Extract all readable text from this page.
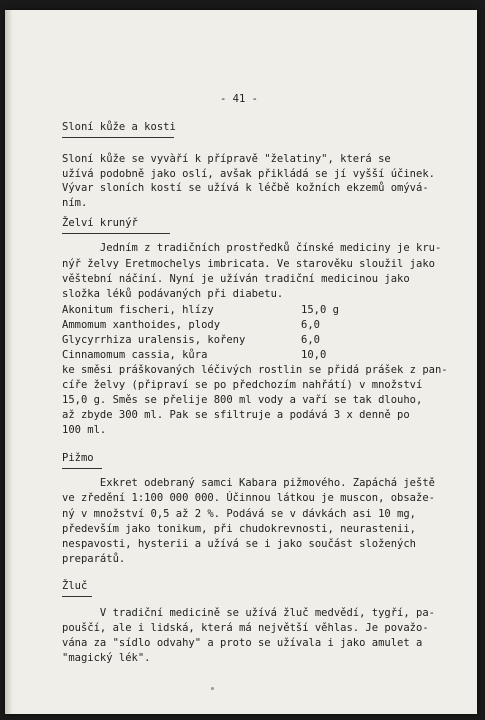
- 41 -
Sloní kůže a kosti
Sloní kůže se vyvàří k přípravě "želatiny", která se
užívá podobně jako oslí, avšak přikládá se jí vyšší účinek.
Vývar sloních kostí se užívá k léčbě kožních ekzemů omývá-
ním.
Želví krunýř
Jedním z tradičních prostředků čínské mediciny je kru-
nýř želvy Eretmochelys imbricata. Ve starověku sloužil jako
věštební náčiní. Nyní je užíván tradiční medicinou jako
složka léků podávaných při diabetu.
Akonitum fischeri, hlízy	15,0 g
Ammomum xanthoides, plody	6,0
Glycyrrhiza uralensis, kořeny	6,0
Cinnamomum cassia, kůra	10,0
ke směsi práškovaných léčivých rostlin se přidá prášek z pan-
cíře želvy (připraví se po předchozím nahřátí) v množství
15,0 g. Směs se přelije 800 ml vody a vaří se tak dlouho,
až zbyde 300 ml. Pak se sfiltruje a podává 3 x denně po
100 ml.
Pižmo
Exkret odebraný samci Kabara pižmového. Zapáchá ještě
ve zředění 1:100 000 000. Účinnou látkou je muscon, obsaže-
ný v množství 0,5 až 2 %. Podává se v dávkách asi 10 mg,
především jako tonikum, při chudokrevnosti, neurastenii,
nespavosti, hysterii a užívá se i jako součást složených
preparátů.
Žluč
V tradiční medicině se užívá žluč medvědí, tygří, pa-
pouščí, ale i lidská, která má největší věhlas. Je považo-
vána za "sídlo odvahy" a proto se užívala i jako amulet a
"magický lék".
